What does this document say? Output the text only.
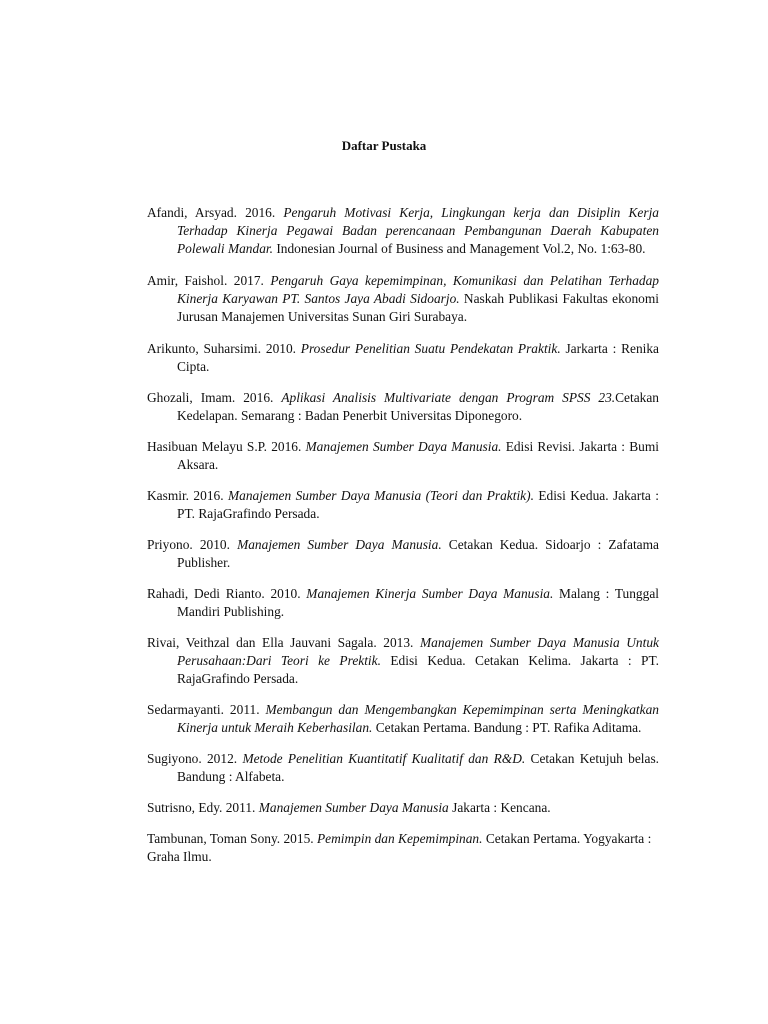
Daftar Pustaka

Afandi, Arsyad. 2016. Pengaruh Motivasi Kerja, Lingkungan kerja dan Disiplin Kerja Terhadap Kinerja Pegawai Badan perencanaan Pembangunan Daerah Kabupaten Polewali Mandar. Indonesian Journal of Business and Management Vol.2, No. 1:63-80.

Amir, Faishol. 2017. Pengaruh Gaya kepemimpinan, Komunikasi dan Pelatihan Terhadap Kinerja Karyawan PT. Santos Jaya Abadi Sidoarjo. Naskah Publikasi Fakultas ekonomi Jurusan Manajemen Universitas Sunan Giri Surabaya.

Arikunto, Suharsimi. 2010. Prosedur Penelitian Suatu Pendekatan Praktik. Jarkarta : Renika Cipta.

Ghozali, Imam. 2016. Aplikasi Analisis Multivariate dengan Program SPSS 23.Cetakan Kedelapan. Semarang : Badan Penerbit Universitas Diponegoro.

Hasibuan Melayu S.P. 2016. Manajemen Sumber Daya Manusia. Edisi Revisi. Jakarta : Bumi Aksara.

Kasmir. 2016. Manajemen Sumber Daya Manusia (Teori dan Praktik). Edisi Kedua. Jakarta : PT. RajaGrafindo Persada.

Priyono. 2010. Manajemen Sumber Daya Manusia. Cetakan Kedua. Sidoarjo : Zafatama Publisher.

Rahadi, Dedi Rianto. 2010. Manajemen Kinerja Sumber Daya Manusia. Malang : Tunggal Mandiri Publishing.

Rivai, Veithzal dan Ella Jauvani Sagala. 2013. Manajemen Sumber Daya Manusia Untuk Perusahaan:Dari Teori ke Prektik. Edisi Kedua. Cetakan Kelima. Jakarta : PT. RajaGrafindo Persada.

Sedarmayanti. 2011. Membangun dan Mengembangkan Kepemimpinan serta Meningkatkan Kinerja untuk Meraih Keberhasilan. Cetakan Pertama. Bandung : PT. Rafika Aditama.

Sugiyono. 2012. Metode Penelitian Kuantitatif Kualitatif dan R&D. Cetakan Ketujuh belas. Bandung : Alfabeta.

Sutrisno, Edy. 2011. Manajemen Sumber Daya Manusia Jakarta : Kencana.

Tambunan, Toman Sony. 2015. Pemimpin dan Kepemimpinan. Cetakan Pertama. Yogyakarta : Graha Ilmu.
